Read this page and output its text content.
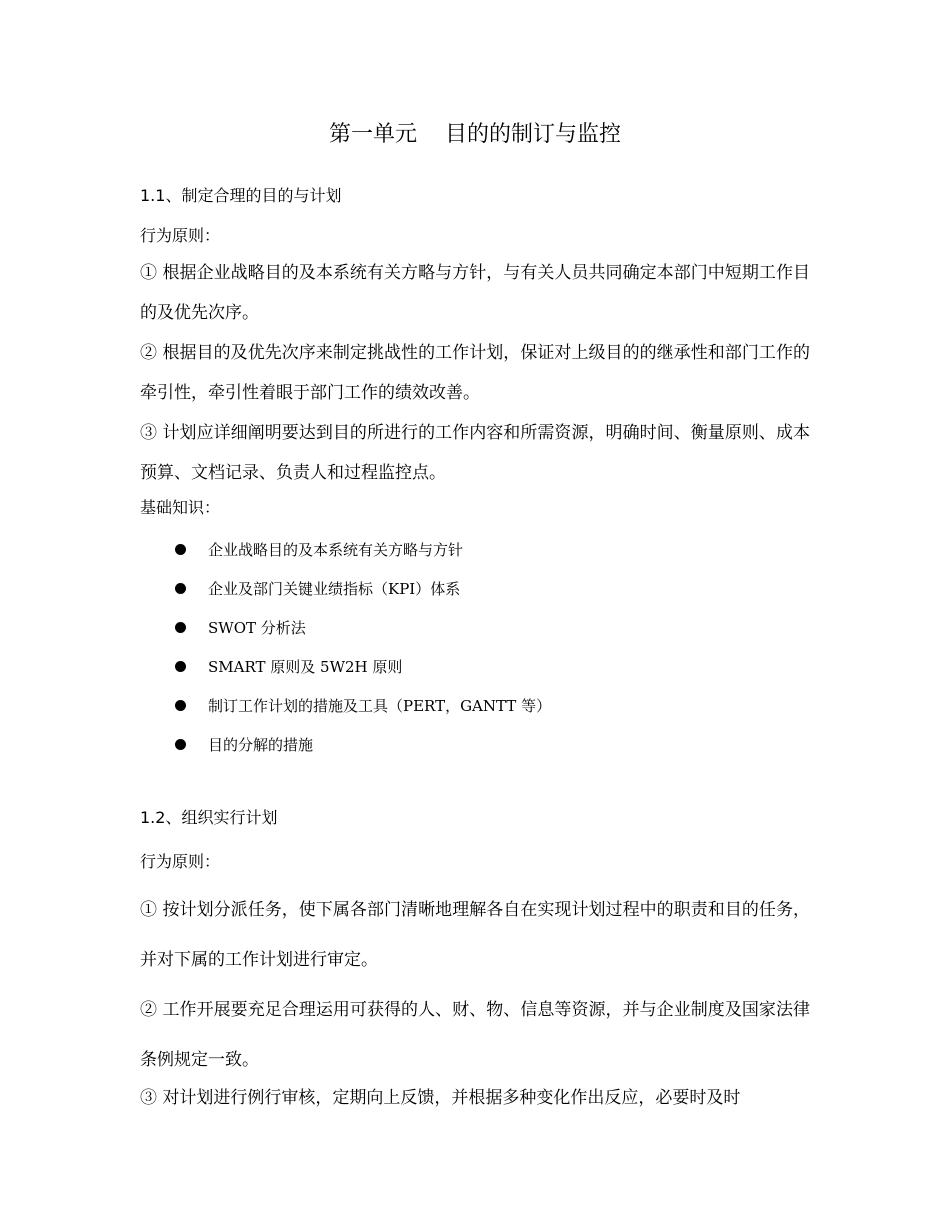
第一单元    目的的制订与监控
1.1、制定合理的目的与计划
行为原则：
① 根据企业战略目的及本系统有关方略与方针，与有关人员共同确定本部门中短期工作目的及优先次序。
② 根据目的及优先次序来制定挑战性的工作计划，保证对上级目的的继承性和部门工作的牵引性，牵引性着眼于部门工作的绩效改善。
③ 计划应详细阐明要达到目的所进行的工作内容和所需资源，明确时间、衡量原则、成本预算、文档记录、负责人和过程监控点。
基础知识：
企业战略目的及本系统有关方略与方针
企业及部门关键业绩指标（KPI）体系
SWOT 分析法
SMART 原则及 5W2H 原则
制订工作计划的措施及工具（PERT，GANTT 等）
目的分解的措施
1.2、组织实行计划
行为原则：
① 按计划分派任务，使下属各部门清晰地理解各自在实现计划过程中的职责和目的任务，并对下属的工作计划进行审定。
② 工作开展要充足合理运用可获得的人、财、物、信息等资源，并与企业制度及国家法律条例规定一致。
③ 对计划进行例行审核，定期向上反馈，并根据多种变化作出反应，必要时及时
